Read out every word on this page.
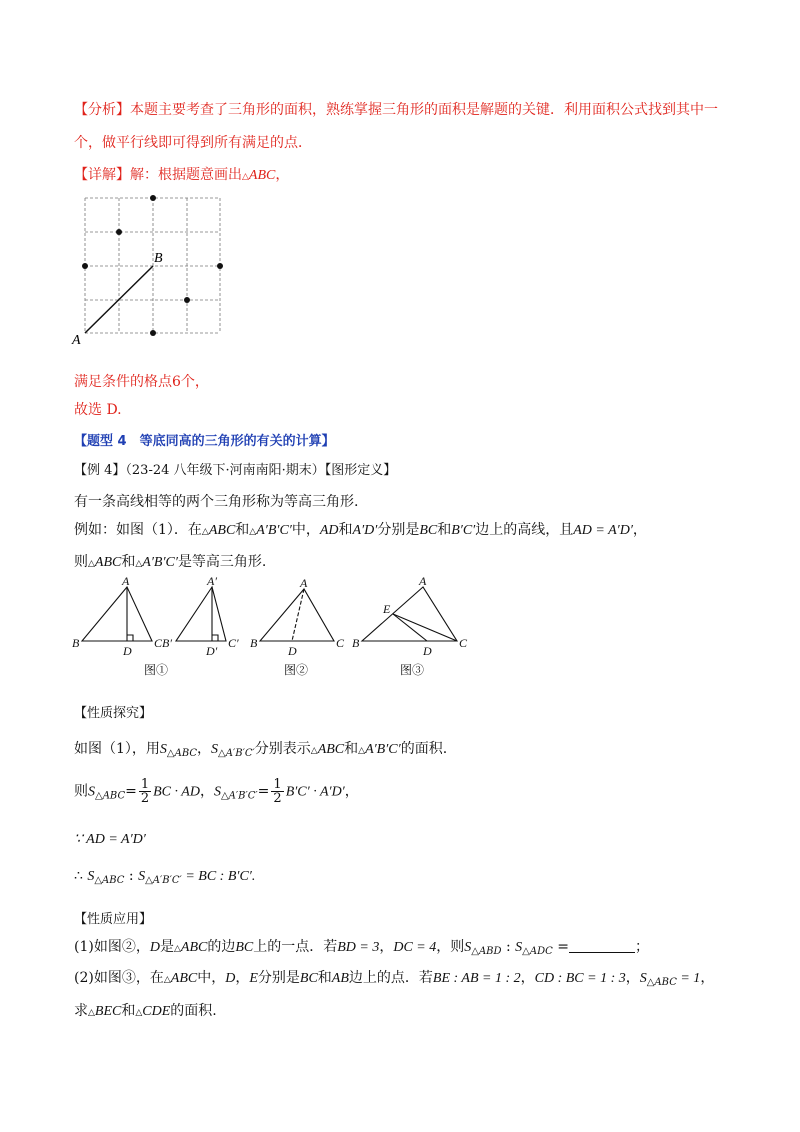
【分析】本题主要考查了三角形的面积，熟练掌握三角形的面积是解题的关键．利用面积公式找到其中一
个，做平行线即可得到所有满足的点．
【详解】解：根据题意画出△ABC，
A
B
满足条件的格点6个，
故选 D.
【题型 4　等底同高的三角形的有关的计算】
【例 4】（23-24 八年级下·河南南阳·期末）【图形定义】
有一条高线相等的两个三角形称为等高三角形.
例如：如图（1）．在△ABC和△A′B′C′中，AD和A′D′分别是BC和B′C′边上的高线，且AD = A′D′，
则△ABC和△A′B′C′是等高三角形.
A
B	C
D
A′
B′	C′
D′
A
B	C
D
A
B	C
D
E
图①	图②	图③
【性质探究】
如图（1），用$S_{\triangle ABC}$，$S_{\triangle A'B'C'}$分别表示△ABC和△A′B′C′的面积.
则$S_{\triangle ABC}= \frac{1}{2}$ BC · AD，$S_{\triangle A'B'C'}= \frac{1}{2} B'C' \cdot A'D'$，
∵ AD = A′D′
∴ $S_{\triangle ABC}$ : $S_{\triangle A'B'C'}$ = BC : B′C′.
【性质应用】
(1)如图②，D是△ABC的边BC上的一点．若BD = 3，DC = 4，则$S_{\triangle ABD}$ : $S_{\triangle ADC}$ =	；
(2)如图③，在△ABC中，D，E分别是BC和AB边上的点．若BE : AB = 1 : 2，CD : BC = 1 : 3，$S_{\triangle ABC} = 1$，
求△BEC和△CDE的面积.
